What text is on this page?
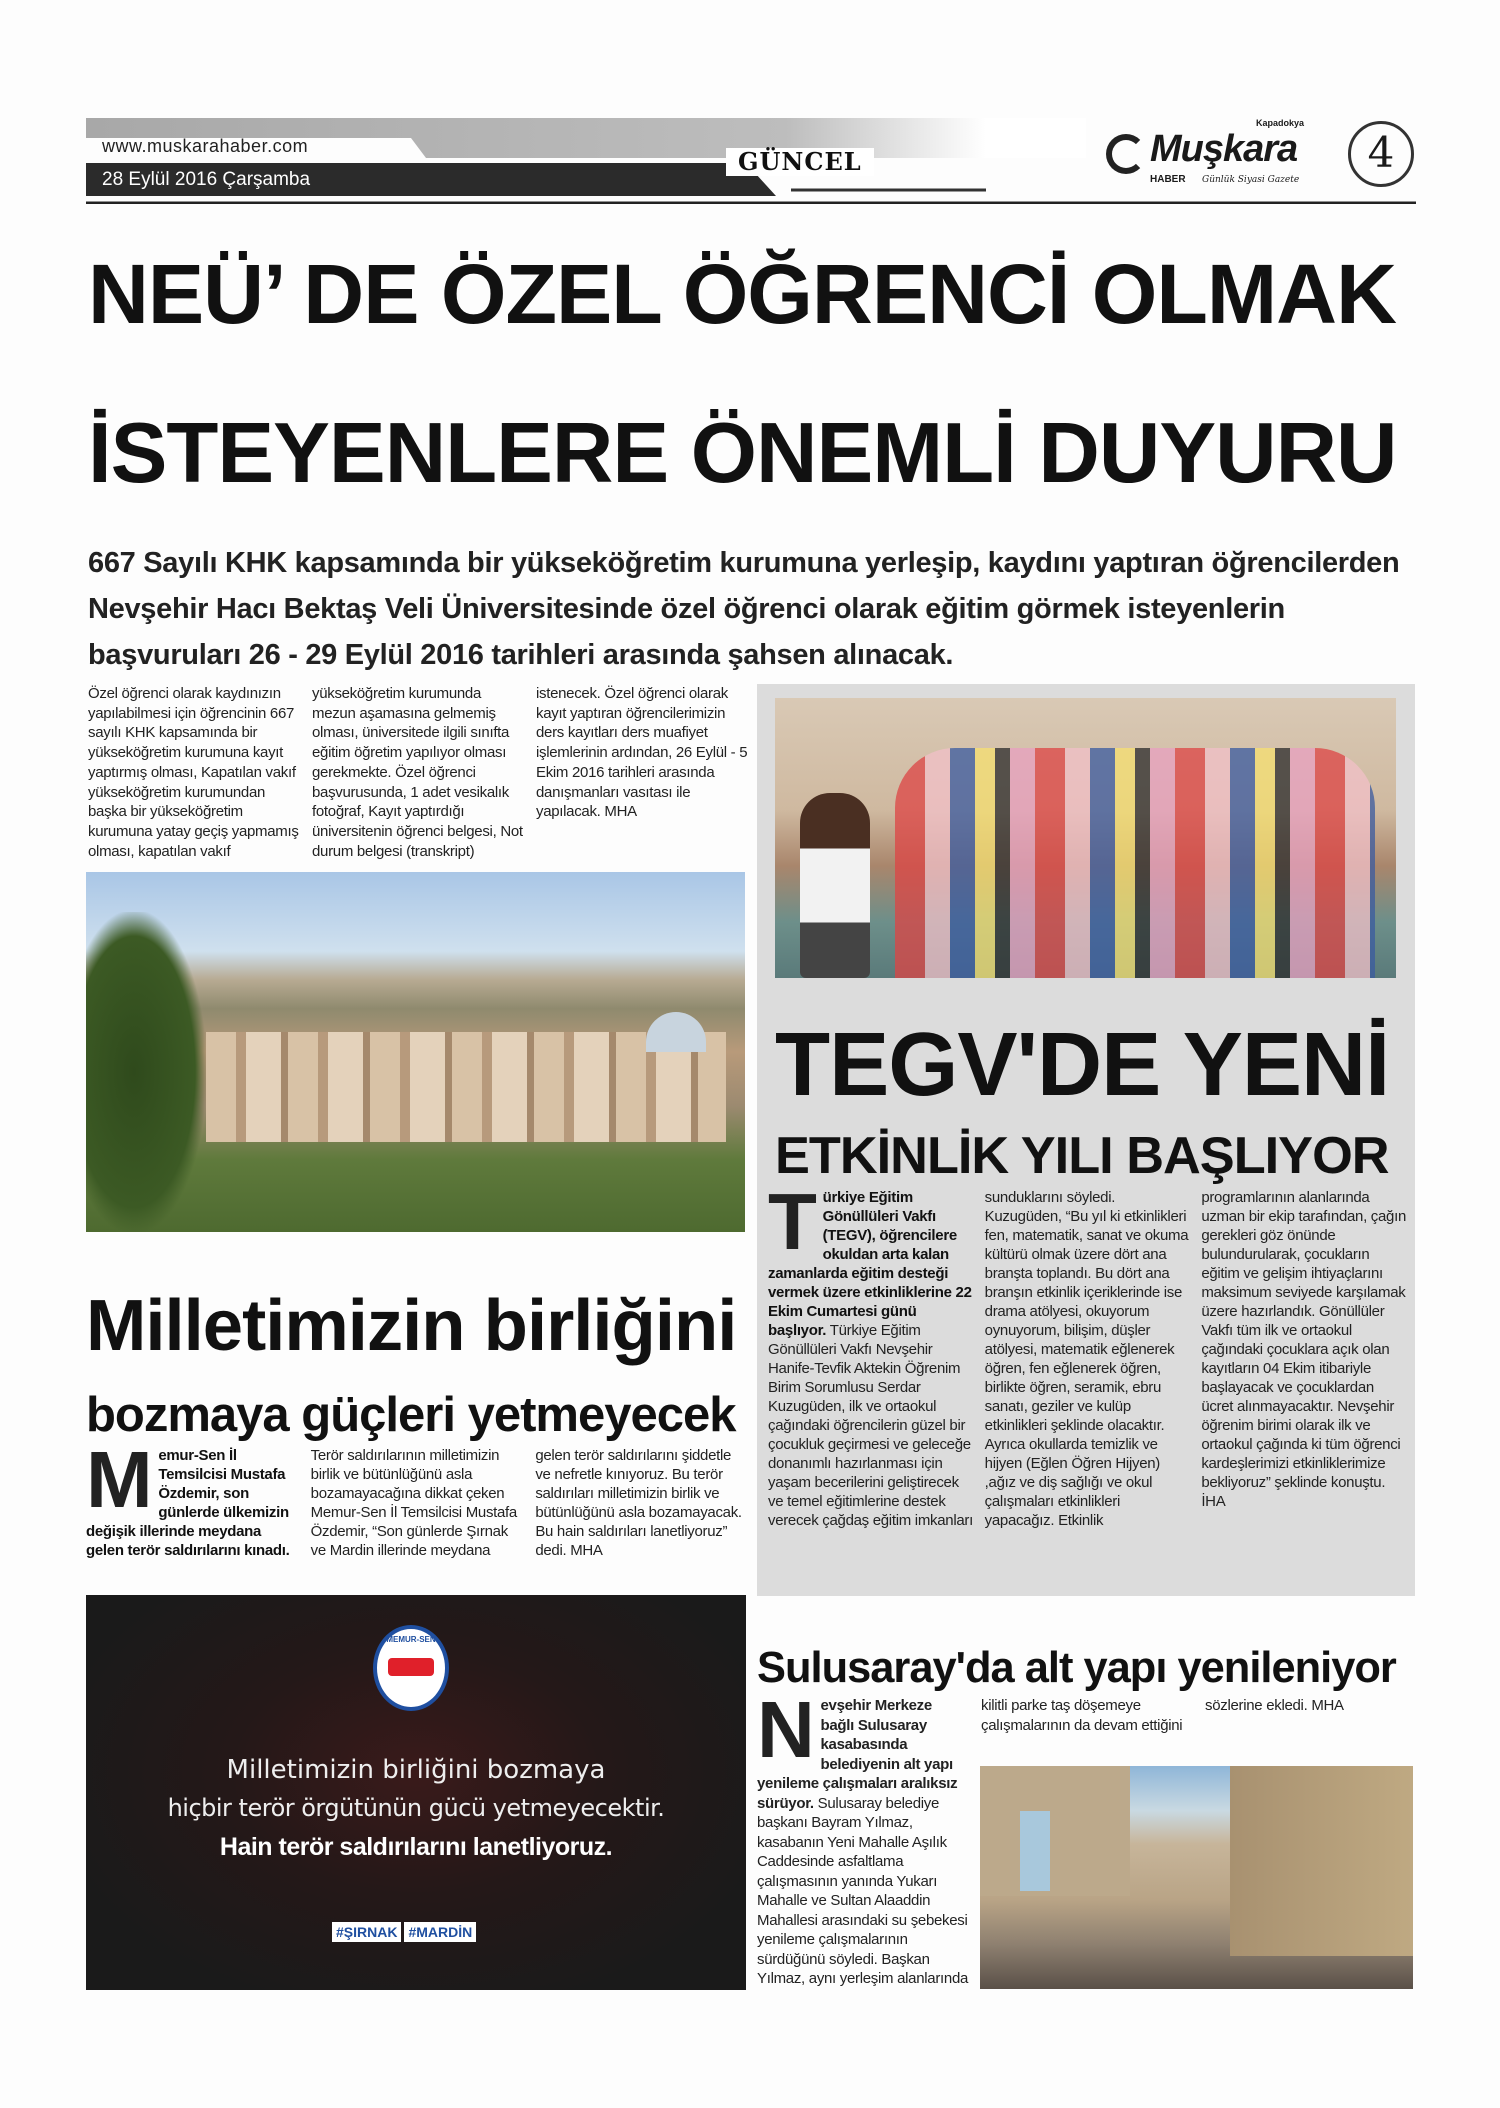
www.muskarahaber.com
28 Eylül 2016 Çarşamba
GÜNCEL
Kapadokya
Muşkara
HABER Günlük Siyasi Gazete
4
NEÜ’ DE ÖZEL ÖĞRENCİ OLMAK
İSTEYENLERE ÖNEMLİ DUYURU
667 Sayılı KHK kapsamında bir yükseköğretim kurumuna yerleşip, kaydını yaptıran öğrencilerden Nevşehir Hacı Bektaş Veli Üniversitesinde özel öğrenci olarak eğitim görmek isteyenlerin başvuruları 26 - 29 Eylül 2016 tarihleri arasında şahsen alınacak.
Özel öğrenci olarak kaydınızın yapılabilmesi için öğrencinin 667 sayılı KHK kapsamında bir yükseköğretim kurumuna kayıt yaptırmış olması, Kapatılan vakıf yükseköğretim kurumundan başka bir yükseköğretim kurumuna yatay geçiş yapmamış olması, kapatılan vakıf yükseköğretim kurumunda mezun aşamasına gelmemiş olması, üniversitede ilgili sınıfta eğitim öğretim yapılıyor olması gerekmekte. Özel öğrenci başvurusunda, 1 adet vesikalık fotoğraf, Kayıt yaptırdığı üniversitenin öğrenci belgesi, Not durum belgesi (transkript) istenecek. Özel öğrenci olarak kayıt yaptıran öğrencilerimizin ders kayıtları ders muafiyet işlemlerinin ardından, 26 Eylül - 5 Ekim 2016 tarihleri arasında danışmanları vasıtası ile yapılacak. MHA
TEGV'DE YENİ
ETKİNLİK YILI BAŞLIYOR
Türkiye Eğitim Gönüllüleri Vakfı (TEGV), öğrencilere okuldan arta kalan zamanlarda eğitim desteği vermek üzere etkinliklerine 22 Ekim Cumartesi günü başlıyor. Türkiye Eğitim Gönüllüleri Vakfı Nevşehir Hanife-Tevfik Aktekin Öğrenim Birim Sorumlusu Serdar Kuzugüden, ilk ve ortaokul çağındaki öğrencilerin güzel bir çocukluk geçirmesi ve geleceğe donanımlı hazırlanması için yaşam becerilerini geliştirecek ve temel eğitimlerine destek verecek çağdaş eğitim imkanları sunduklarını söyledi. Kuzugüden, “Bu yıl ki etkinlikleri fen, matematik, sanat ve okuma kültürü olmak üzere dört ana branşta toplandı. Bu dört ana branşın etkinlik içeriklerinde ise drama atölyesi, okuyorum oynuyorum, bilişim, düşler atölyesi, matematik eğlenerek öğren, fen eğlenerek öğren, birlikte öğren, seramik, ebru sanatı, geziler ve kulüp etkinlikleri şeklinde olacaktır. Ayrıca okullarda temizlik ve hijyen (Eğlen Öğren Hijyen) ,ağız ve diş sağlığı ve okul çalışmaları etkinlikleri yapacağız. Etkinlik programlarının alanlarında uzman bir ekip tarafından, çağın gerekleri göz önünde bulundurularak, çocukların eğitim ve gelişim ihtiyaçlarını maksimum seviyede karşılamak üzere hazırlandık. Gönüllüler Vakfı tüm ilk ve ortaokul çağındaki çocuklara açık olan kayıtların 04 Ekim itibariyle başlayacak ve çocuklardan ücret alınmayacaktır. Nevşehir öğrenim birimi olarak ilk ve ortaokul çağında ki tüm öğrenci kardeşlerimizi etkinliklerimize bekliyoruz” şeklinde konuştu. İHA
Milletimizin birliğini
bozmaya güçleri yetmeyecek
Memur-Sen İl Temsilcisi Mustafa Özdemir, son günlerde ülkemizin değişik illerinde meydana gelen terör saldırılarını kınadı. Terör saldırılarının milletimizin birlik ve bütünlüğünü asla bozamayacağına dikkat çeken Memur-Sen İl Temsilcisi Mustafa Özdemir, “Son günlerde Şırnak ve Mardin illerinde meydana gelen terör saldırılarını şiddetle ve nefretle kınıyoruz. Bu terör saldırıları milletimizin birlik ve bütünlüğünü asla bozamayacak. Bu hain saldırıları lanetliyoruz” dedi. MHA
MEMUR-SEN
Milletimizin birliğini bozmaya
hiçbir terör örgütünün gücü yetmeyecektir.
Hain terör saldırılarını lanetliyoruz.
#ŞIRNAK #MARDİN
Sulusaray'da alt yapı yenileniyor
Nevşehir Merkeze bağlı Sulusaray kasabasında belediyenin alt yapı yenileme çalışmaları aralıksız sürüyor. Sulusaray belediye başkanı Bayram Yılmaz, kasabanın Yeni Mahalle Aşılık Caddesinde asfaltlama çalışmasının yanında Yukarı Mahalle ve Sultan Alaaddin Mahallesi arasındaki su şebekesi yenileme çalışmalarının sürdüğünü söyledi. Başkan Yılmaz, aynı yerleşim alanlarında
kilitli parke taş döşemeye çalışmalarının da devam ettiğini sözlerine ekledi. MHA
